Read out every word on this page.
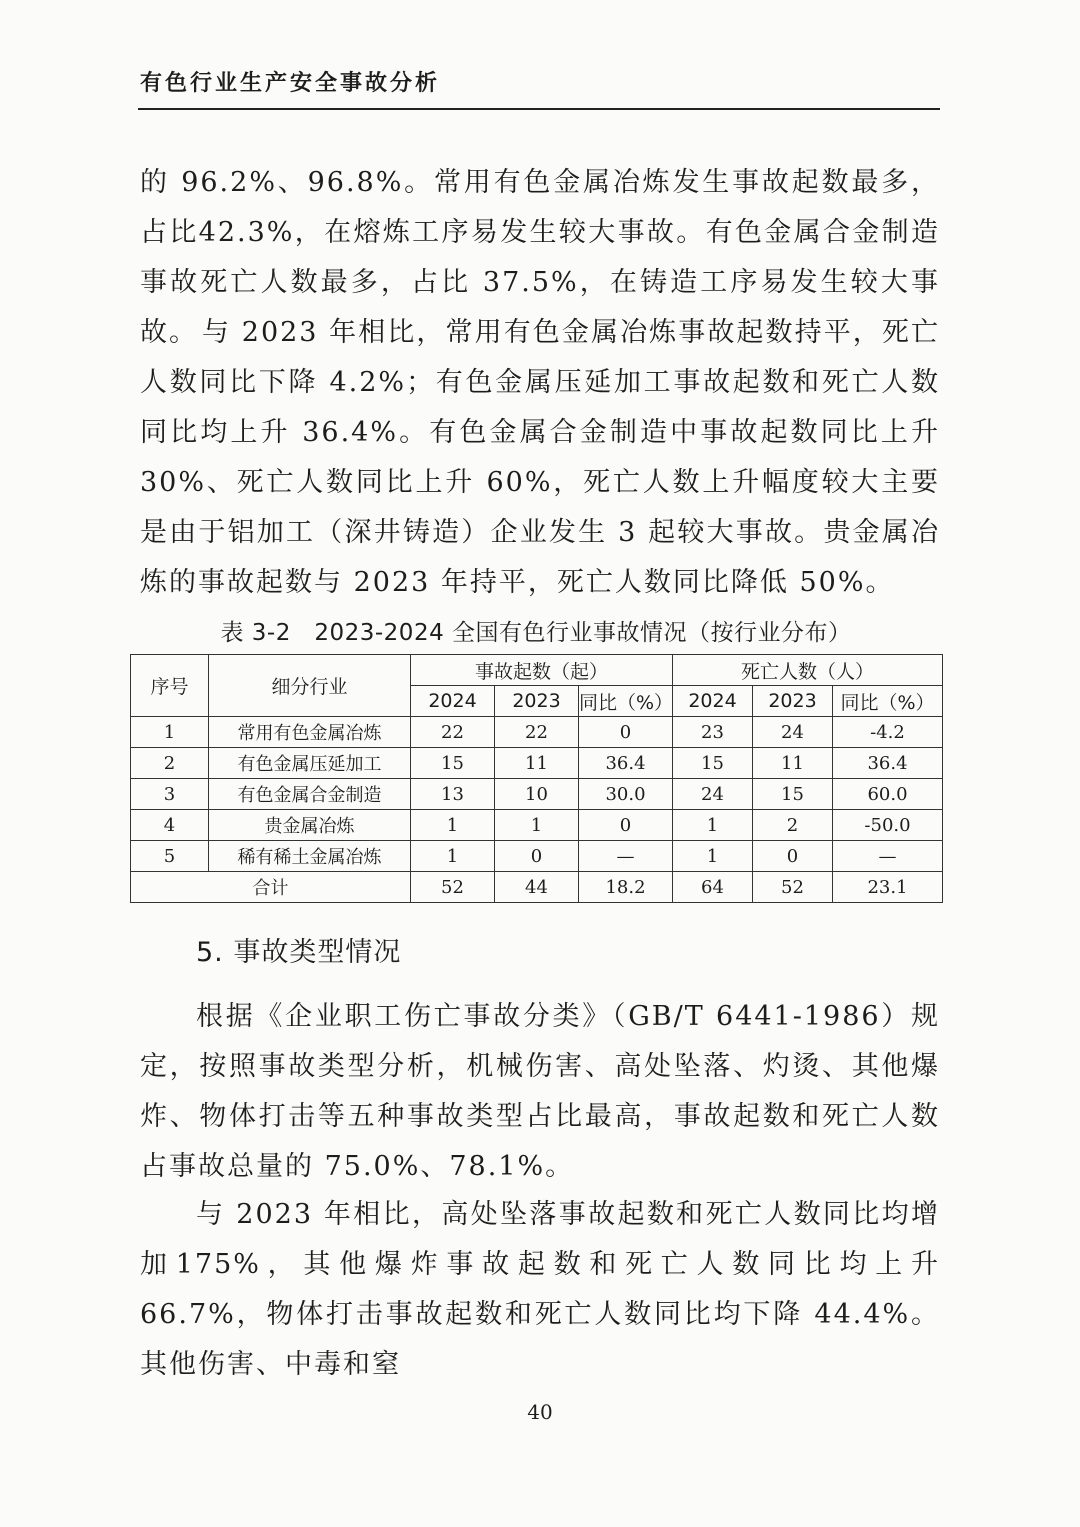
有色行业生产安全事故分析

的 96.2%、96.8%。常用有色金属冶炼发生事故起数最多，占比42.3%，在熔炼工序易发生较大事故。有色金属合金制造事故死亡人数最多，占比 37.5%，在铸造工序易发生较大事故。 与 2023 年相比，常用有色金属冶炼事故起数持平，死亡人数同比下降 4.2%；有色金属压延加工事故起数和死亡人数同比均上升 36.4%。有色金属合金制造中事故起数同比上升 30%、死亡人数同比上升 60%，死亡人数上升幅度较大主要是由于铝加工（深井铸造）企业发生 3 起较大事故。贵金属冶炼的事故起数与 2023 年持平，死亡人数同比降低 50%。

表 3-2　2023-2024 全国有色行业事故情况（按行业分布）
序号	细分行业	事故起数（起）			死亡人数（人）		
		2024	2023	同比（%）	2024	2023	同比（%）
1	常用有色金属冶炼	22	22	0	23	24	-4.2
2	有色金属压延加工	15	11	36.4	15	11	36.4
3	有色金属合金制造	13	10	30.0	24	15	60.0
4	贵金属冶炼	1	1	0	1	2	-50.0
5	稀有稀土金属冶炼	1	0	—	1	0	—
合计		52	44	18.2	64	52	23.1
5. 事故类型情况

根据《企业职工伤亡事故分类》（GB/T 6441-1986）规定，按照事故类型分析，机械伤害、高处坠落、灼烫、其他爆炸、物体打击等五种事故类型占比最高，事故起数和死亡人数占事故总量的 75.0%、78.1%。

与 2023 年相比，高处坠落事故起数和死亡人数同比均增加175%，其他爆炸事故起数和死亡人数同比均上升 66.7%，物体打击事故起数和死亡人数同比均下降 44.4%。其他伤害、中毒和窒

40
